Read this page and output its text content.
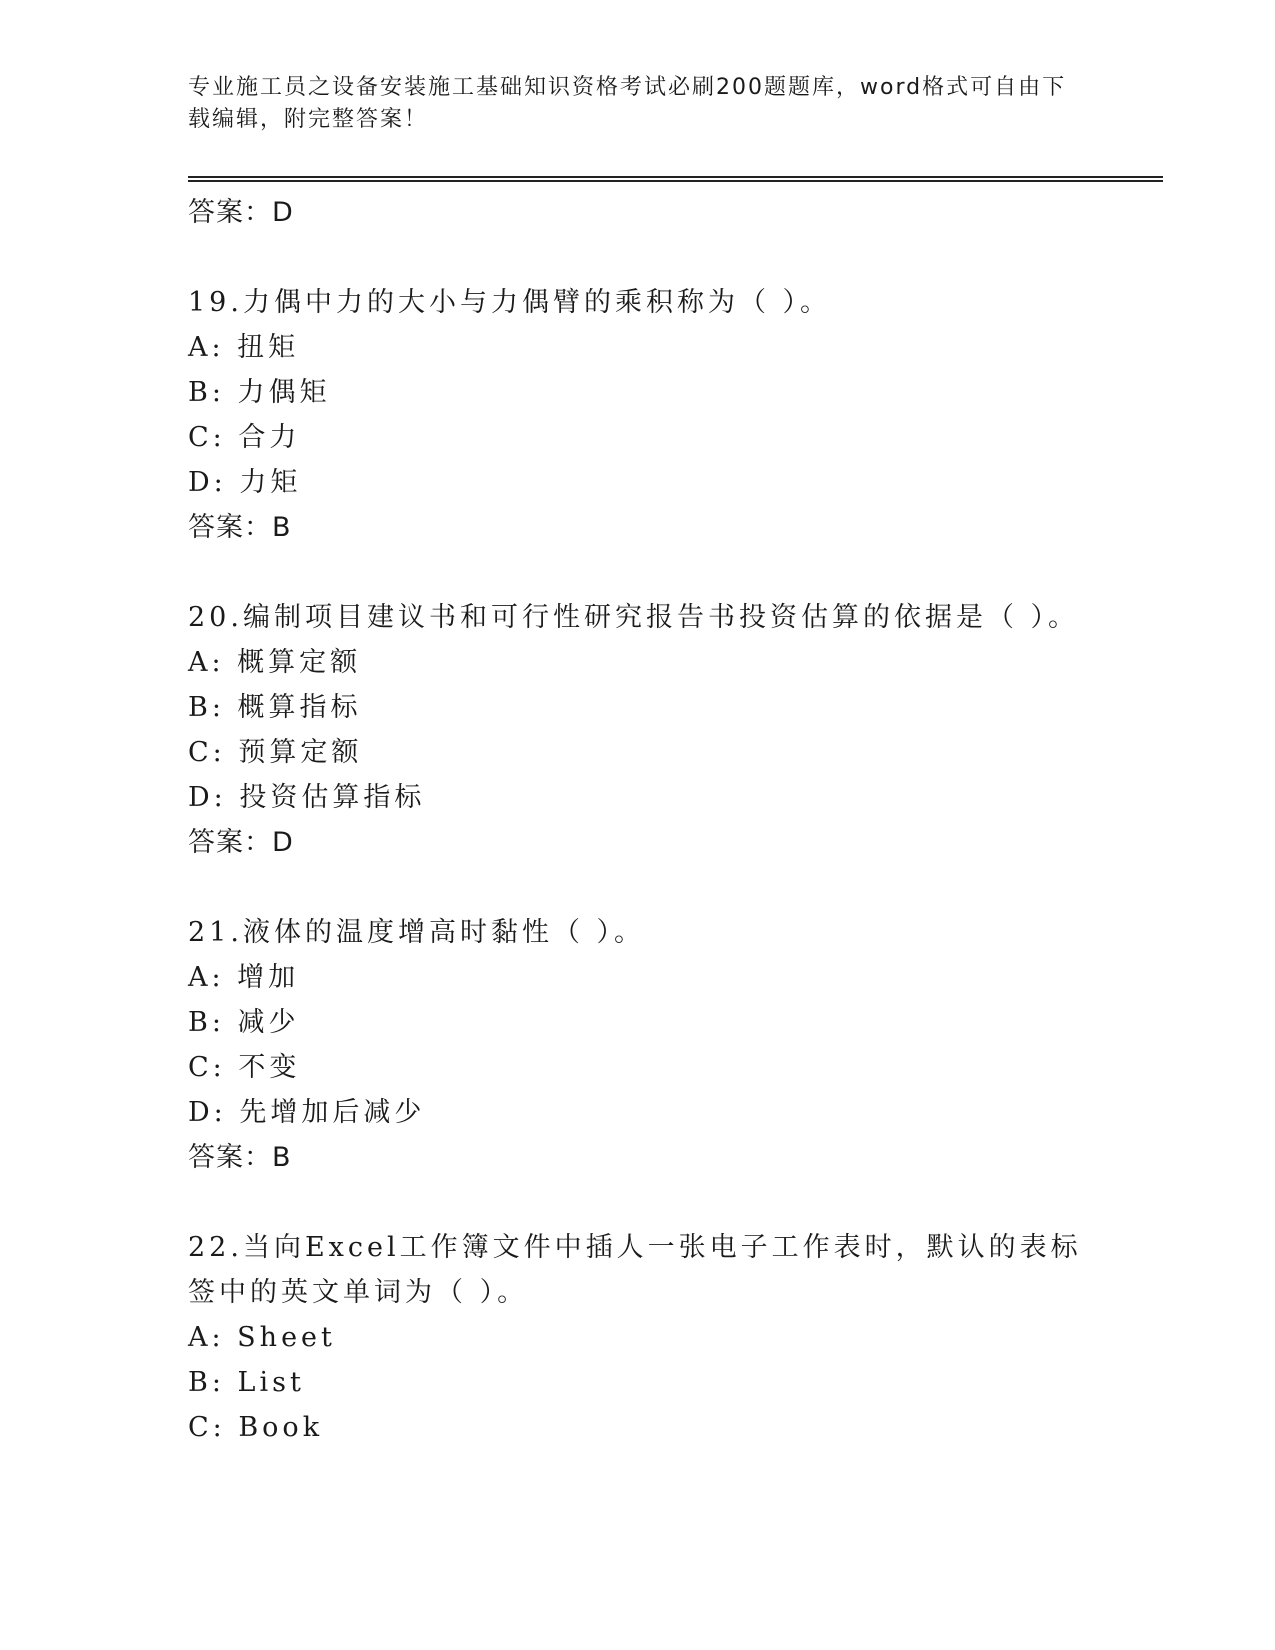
专业施工员之设备安装施工基础知识资格考试必刷200题题库，word格式可自由下载编辑，附完整答案！
答案：D
19.力偶中力的大小与力偶臂的乘积称为（ ）。
A: 扭矩
B: 力偶矩
C: 合力
D: 力矩
答案：B
20.编制项目建议书和可行性研究报告书投资估算的依据是（ ）。
A: 概算定额
B: 概算指标
C: 预算定额
D: 投资估算指标
答案：D
21.液体的温度增高时黏性（ ）。
A: 增加
B: 减少
C: 不变
D: 先增加后减少
答案：B
22.当向Excel工作簿文件中插人一张电子工作表时，默认的表标签中的英文单词为（ ）。
A: Sheet
B: List
C: Book
